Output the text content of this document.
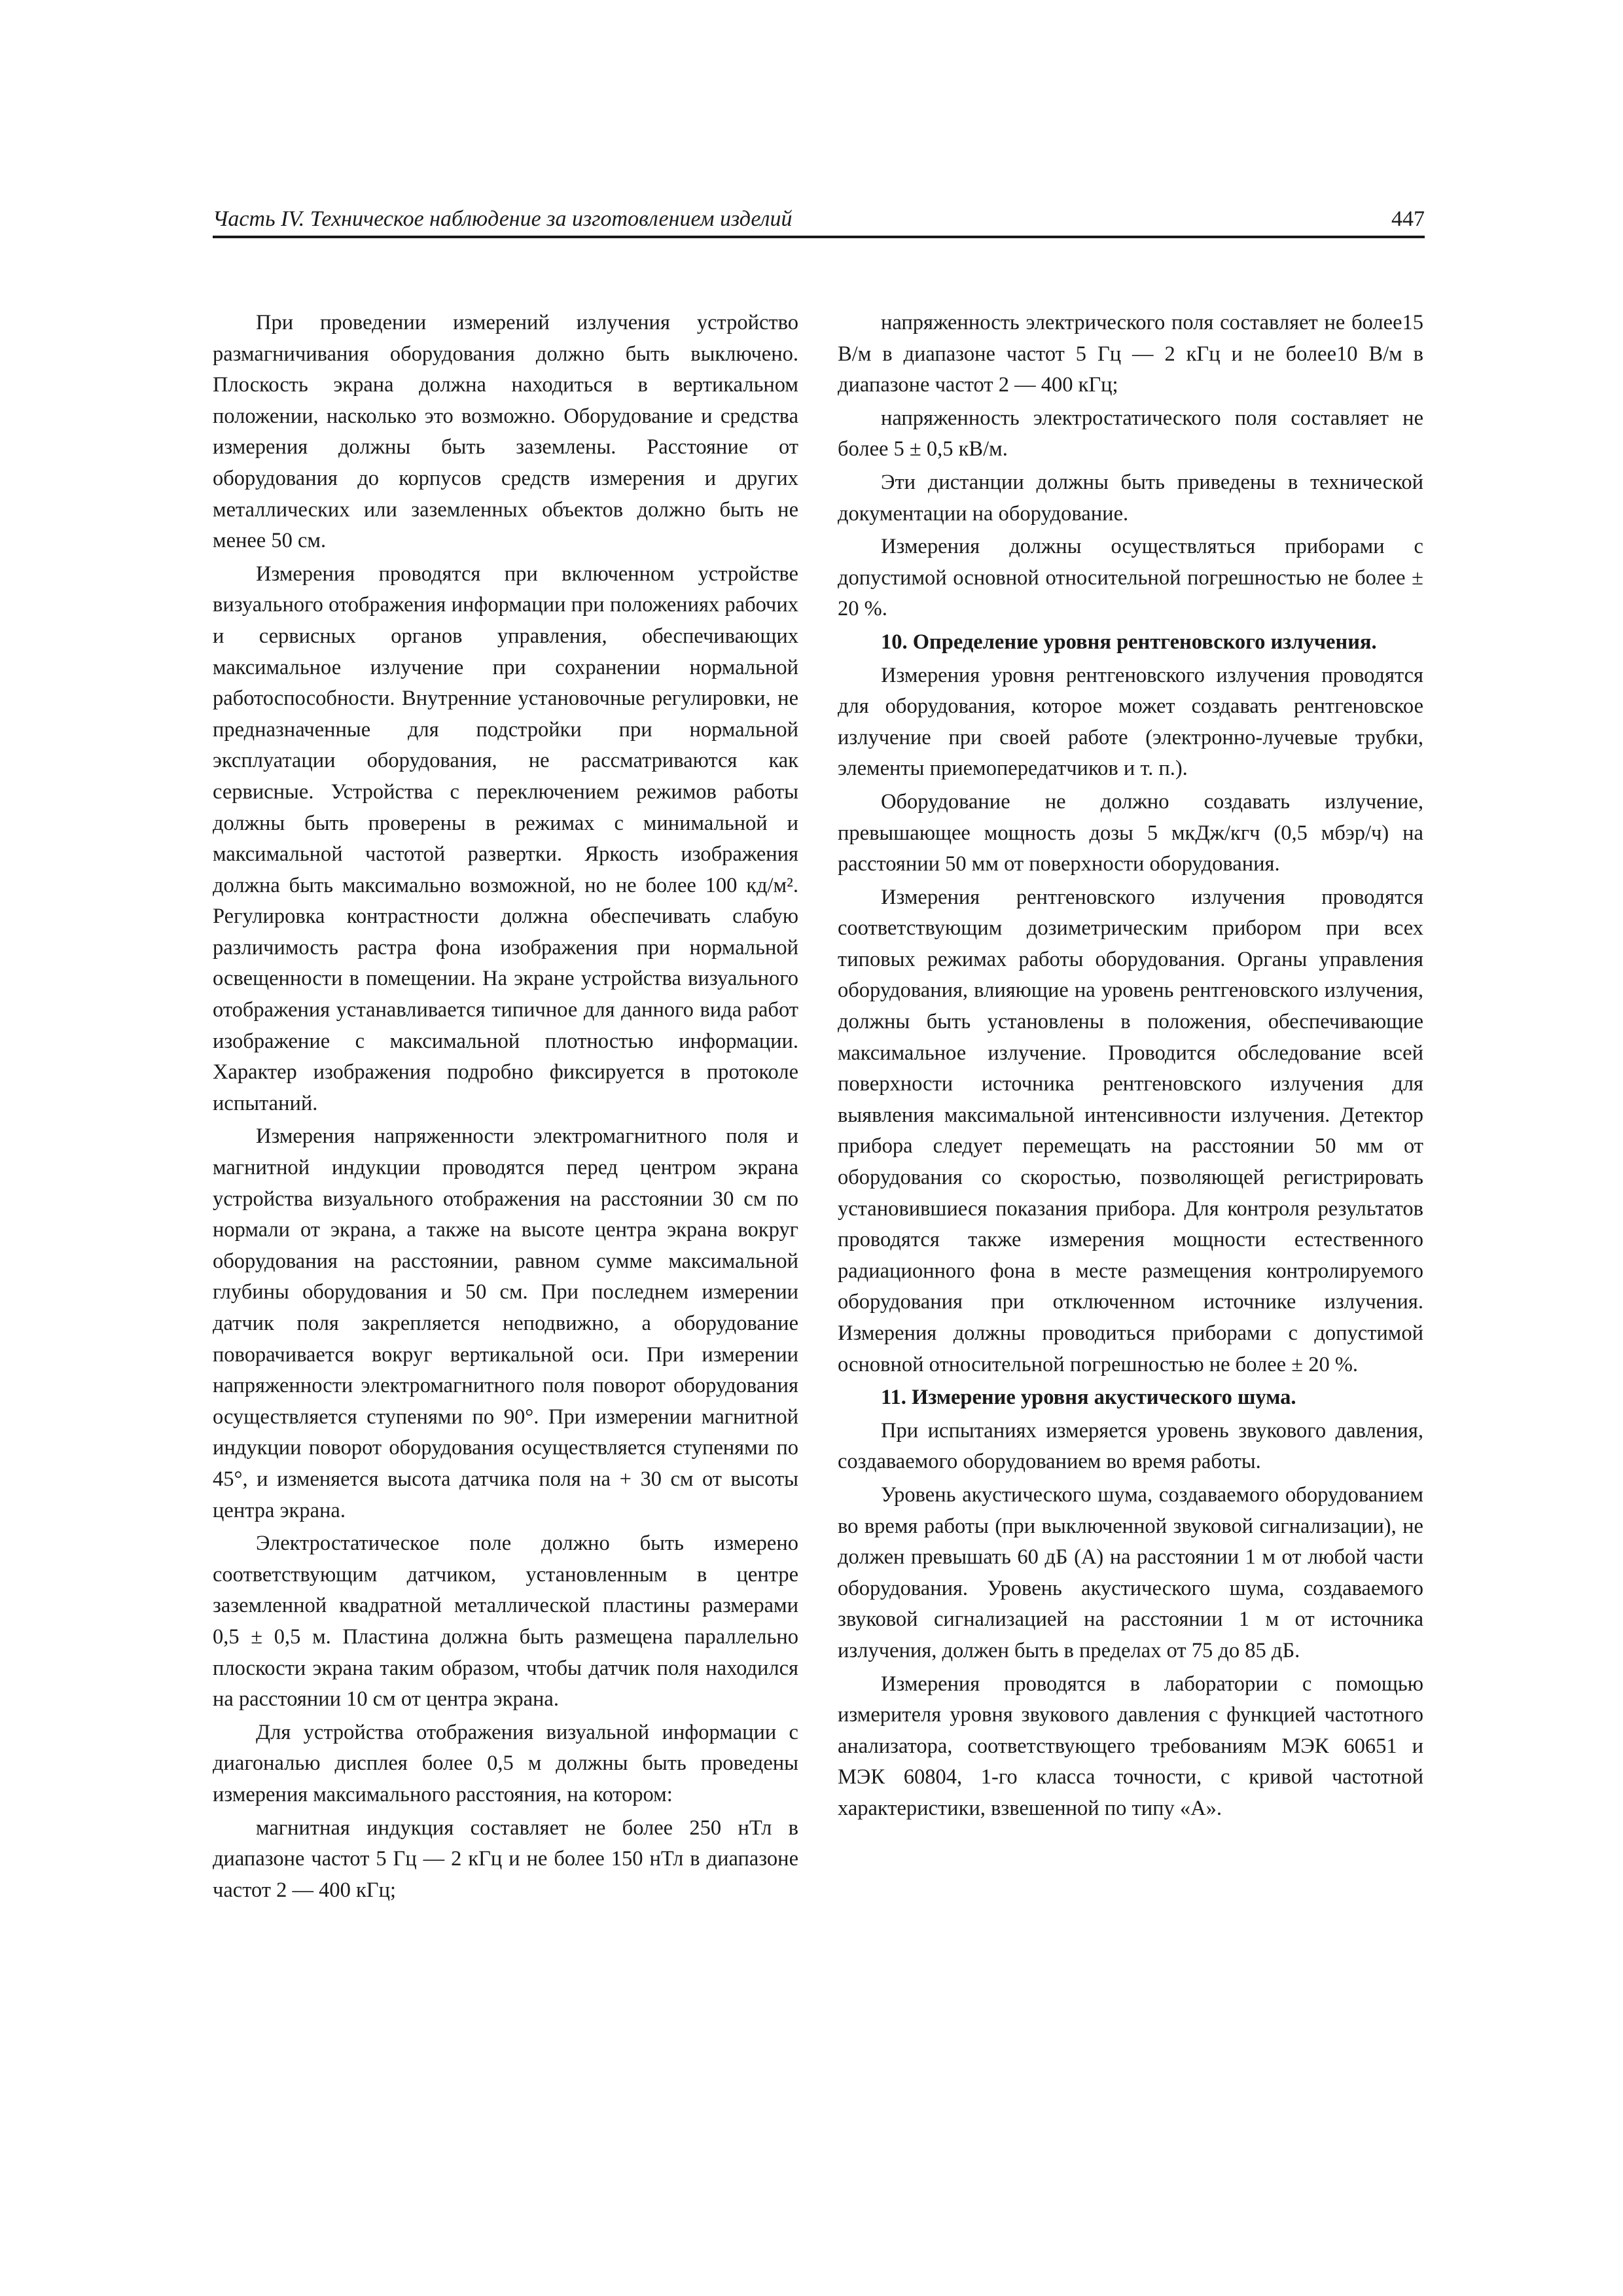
Часть IV. Техническое наблюдение за изготовлением изделий	447

При проведении измерений излучения устройство размагничивания оборудования должно быть выключено. Плоскость экрана должна находиться в вертикальном положении, насколько это возможно. Оборудование и средства измерения должны быть заземлены. Расстояние от оборудования до корпусов средств измерения и других металлических или заземленных объектов должно быть не менее 50 см.

Измерения проводятся при включенном устройстве визуального отображения информации при положениях рабочих и сервисных органов управления, обеспечивающих максимальное излучение при сохранении нормальной работоспособности. Внутренние установочные регулировки, не предназначенные для подстройки при нормальной эксплуатации оборудования, не рассматриваются как сервисные. Устройства с переключением режимов работы должны быть проверены в режимах с минимальной и максимальной частотой развертки. Яркость изображения должна быть максимально возможной, но не более 100 кд/м². Регулировка контрастности должна обеспечивать слабую различимость растра фона изображения при нормальной освещенности в помещении. На экране устройства визуального отображения устанавливается типичное для данного вида работ изображение с максимальной плотностью информации. Характер изображения подробно фиксируется в протоколе испытаний.

Измерения напряженности электромагнитного поля и магнитной индукции проводятся перед центром экрана устройства визуального отображения на расстоянии 30 см по нормали от экрана, а также на высоте центра экрана вокруг оборудования на расстоянии, равном сумме максимальной глубины оборудования и 50 см. При последнем измерении датчик поля закрепляется неподвижно, а оборудование поворачивается вокруг вертикальной оси. При измерении напряженности электромагнитного поля поворот оборудования осуществляется ступенями по 90°. При измерении магнитной индукции поворот оборудования осуществляется ступенями по 45°, и изменяется высота датчика поля на + 30 см от высоты центра экрана.

Электростатическое поле должно быть измерено соответствующим датчиком, установленным в центре заземленной квадратной металлической пластины размерами 0,5 ± 0,5 м. Пластина должна быть размещена параллельно плоскости экрана таким образом, чтобы датчик поля находился на расстоянии 10 см от центра экрана.

Для устройства отображения визуальной информации с диагональю дисплея более 0,5 м должны быть проведены измерения максимального расстояния, на котором:

магнитная индукция составляет не более 250 нТл в диапазоне частот 5 Гц — 2 кГц и не более 150 нТл в диапазоне частот 2 — 400 кГц;

напряженность электрического поля составляет не более15 В/м в диапазоне частот 5 Гц — 2 кГц и не более10 В/м в диапазоне частот 2 — 400 кГц;

напряженность электростатического поля составляет не более 5 ± 0,5 кВ/м.

Эти дистанции должны быть приведены в технической документации на оборудование.

Измерения должны осуществляться приборами с допустимой основной относительной погрешностью не более ± 20 %.

10. Определение уровня рентгеновского излучения.

Измерения уровня рентгеновского излучения проводятся для оборудования, которое может создавать рентгеновское излучение при своей работе (электронно-лучевые трубки, элементы приемопередатчиков и т. п.).

Оборудование не должно создавать излучение, превышающее мощность дозы 5 мкДж/кгч (0,5 мбэр/ч) на расстоянии 50 мм от поверхности оборудования.

Измерения рентгеновского излучения проводятся соответствующим дозиметрическим прибором при всех типовых режимах работы оборудования. Органы управления оборудования, влияющие на уровень рентгеновского излучения, должны быть установлены в положения, обеспечивающие максимальное излучение. Проводится обследование всей поверхности источника рентгеновского излучения для выявления максимальной интенсивности излучения. Детектор прибора следует перемещать на расстоянии 50 мм от оборудования со скоростью, позволяющей регистрировать установившиеся показания прибора. Для контроля результатов проводятся также измерения мощности естественного радиационного фона в месте размещения контролируемого оборудования при отключенном источнике излучения. Измерения должны проводиться приборами с допустимой основной относительной погрешностью не более ± 20 %.

11. Измерение уровня акустического шума.

При испытаниях измеряется уровень звукового давления, создаваемого оборудованием во время работы.

Уровень акустического шума, создаваемого оборудованием во время работы (при выключенной звуковой сигнализации), не должен превышать 60 дБ (А) на расстоянии 1 м от любой части оборудования. Уровень акустического шума, создаваемого звуковой сигнализацией на расстоянии 1 м от источника излучения, должен быть в пределах от 75 до 85 дБ.

Измерения проводятся в лаборатории с помощью измерителя уровня звукового давления с функцией частотного анализатора, соответствующего требованиям МЭК 60651 и МЭК 60804, 1-го класса точности, с кривой частотной характеристики, взвешенной по типу «А».
